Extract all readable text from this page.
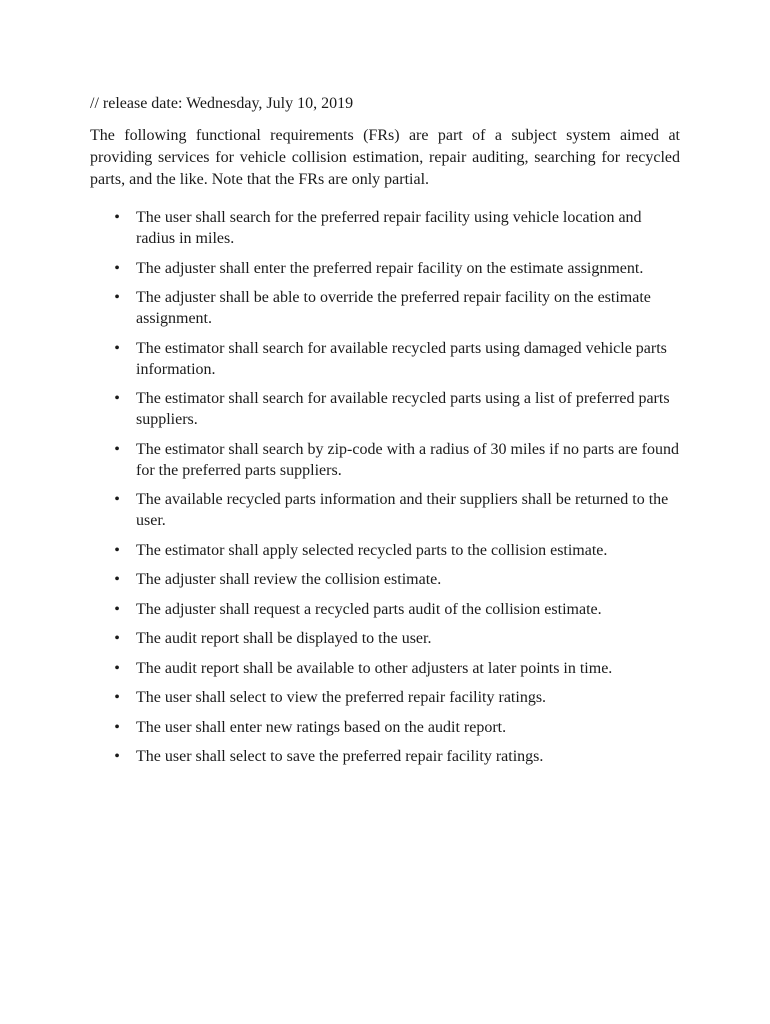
// release date: Wednesday, July 10, 2019

The following functional requirements (FRs) are part of a subject system aimed at providing services for vehicle collision estimation, repair auditing, searching for recycled parts, and the like. Note that the FRs are only partial.

• The user shall search for the preferred repair facility using vehicle location and radius in miles.
• The adjuster shall enter the preferred repair facility on the estimate assignment.
• The adjuster shall be able to override the preferred repair facility on the estimate assignment.
• The estimator shall search for available recycled parts using damaged vehicle parts information.
• The estimator shall search for available recycled parts using a list of preferred parts suppliers.
• The estimator shall search by zip-code with a radius of 30 miles if no parts are found for the preferred parts suppliers.
• The available recycled parts information and their suppliers shall be returned to the user.
• The estimator shall apply selected recycled parts to the collision estimate.
• The adjuster shall review the collision estimate.
• The adjuster shall request a recycled parts audit of the collision estimate.
• The audit report shall be displayed to the user.
• The audit report shall be available to other adjusters at later points in time.
• The user shall select to view the preferred repair facility ratings.
• The user shall enter new ratings based on the audit report.
• The user shall select to save the preferred repair facility ratings.
